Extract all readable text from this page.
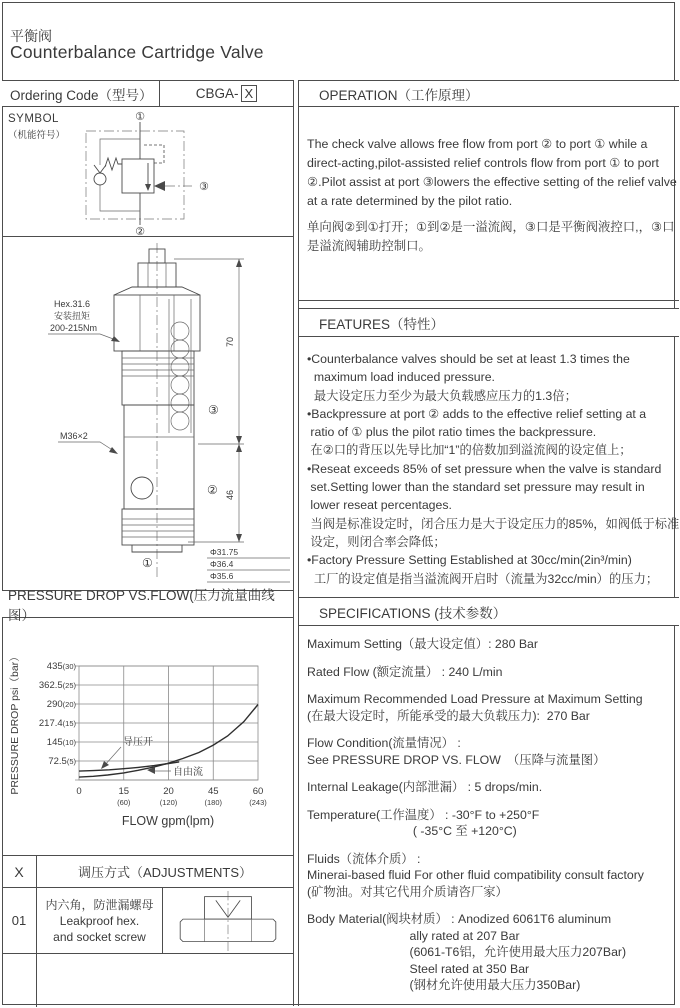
平衡阀
Counterbalance Cartridge Valve
Ordering Code（型号）	CBGA- X
SYMBOL
（机能符号）
①
②
③
Hex.31.6
安装扭矩
200-215Nm
M36×2
70
46
③
②
①
Φ31.75
Φ36.4
Φ35.6
PRESSURE DROP VS.FLOW(压力流量曲线图）
435(30)
362.5(25)
290(20)
217.4(15)
145(10)
72.5(5)
0	15	20	45	60
(60)	(120)	(180)	(243)
FLOW gpm(lpm)
PRESSURE DROP psi（bar）	导压开
自由流
X	调压方式（ADJUSTMENTS）
01
内六角，防泄漏螺母
Leakproof hex.
and socket screw
OPERATION（工作原理）
The check valve allows free flow from port ② to port ① while a direct-acting,pilot-assisted relief controls flow from port ① to port ②.Pilot assist at port ③lowers the effective setting of the relief valve at a rate determined by the pilot ratio.
单向阀②到①打开；①到②是一溢流阀，③口是平衡阀液控口,，③口是溢流阀辅助控制口。
FEATURES（特性）
•Counterbalance valves should be set at least 1.3 times the
maximum load induced pressure.
最大设定压力至少为最大负载感应压力的1.3倍；
•Backpressure at port ② adds to the effective relief setting at a
ratio of ① plus the pilot ratio times the backpressure.
在②口的背压以先导比加“1”的倍数加到溢流阀的设定值上；
•Reseat exceeds 85% of set pressure when the valve is standard
set.Setting lower than the standard set pressure may result in
lower reseat percentages.
当阀是标准设定时，闭合压力是大于设定压力的85%，如阀低于标准
设定，则闭合率会降低；
•Factory Pressure Setting Established at 30cc/min(2in³/min)
工厂的设定值是指当溢流阀开启时（流量为32cc/min）的压力；
SPECIFICATIONS (技术参数）
Maximum Setting（最大设定值）: 280 Bar
Rated Flow (额定流量） : 240 L/min
Maximum Recommended Load Pressure at Maximum Setting
(在最大设定时，所能承受的最大负载压力):  270 Bar
Flow Condition(流量情况） :
See PRESSURE DROP VS. FLOW　（压降与流量图）
Internal Leakage(内部泄漏） : 5 drops/min.
Temperature(工作温度） : -30°F to +250°F
( -35°C 至 +120°C)
Fluids（流体介质） :
Minerai-based fluid For other fluid compatibility consult factory
(矿物油。对其它代用介质请咨厂家）
Body Material(阀块材质） : Anodized 6061T6 aluminum
ally rated at 207 Bar
(6061-T6铝，允许使用最大压力207Bar)
Steel rated at 350 Bar
(钢材允许使用最大压力350Bar)
